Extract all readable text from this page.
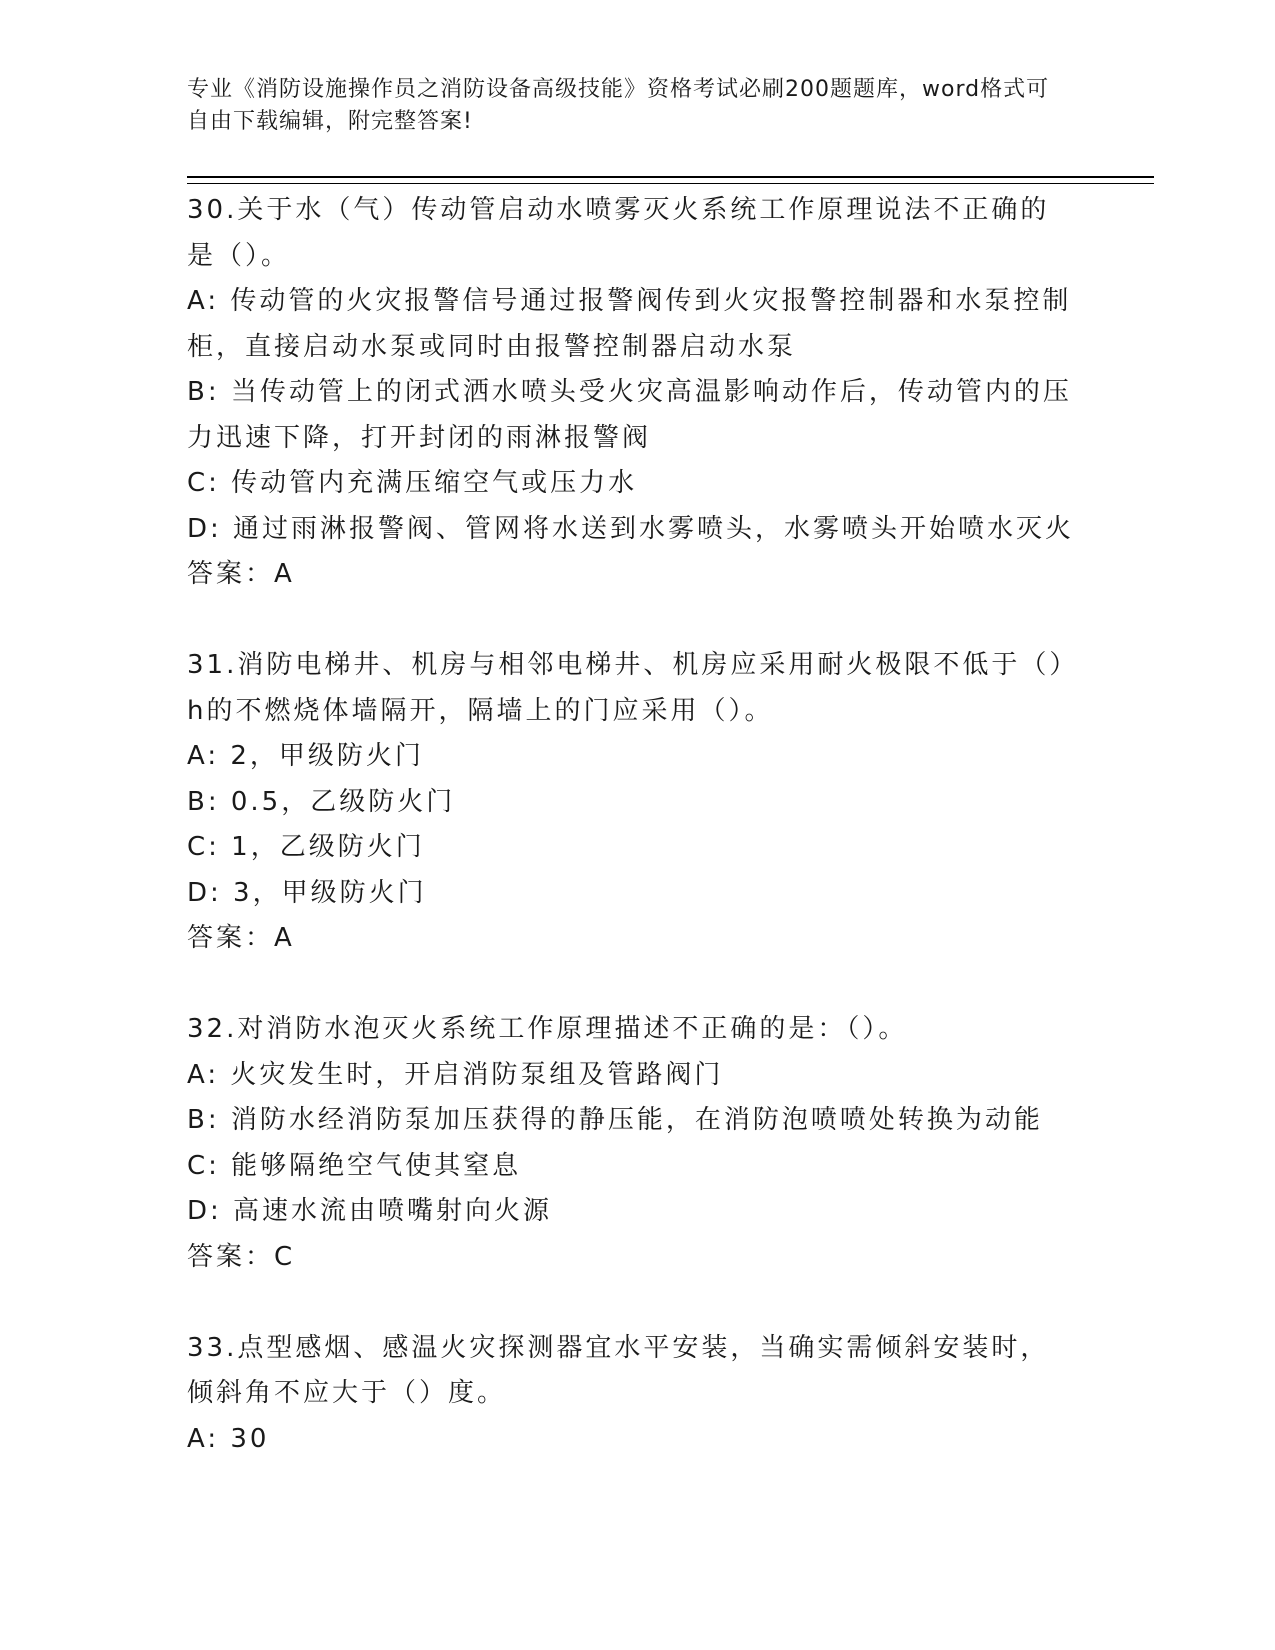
专业《消防设施操作员之消防设备高级技能》资格考试必刷200题题库，word格式可自由下载编辑，附完整答案!

30.关于水（气）传动管启动水喷雾灭火系统工作原理说法不正确的是（）。

A: 传动管的火灾报警信号通过报警阀传到火灾报警控制器和水泵控制柜，直接启动水泵或同时由报警控制器启动水泵

B: 当传动管上的闭式洒水喷头受火灾高温影响动作后，传动管内的压力迅速下降，打开封闭的雨淋报警阀

C: 传动管内充满压缩空气或压力水

D: 通过雨淋报警阀、管网将水送到水雾喷头，水雾喷头开始喷水灭火

答案：A

31.消防电梯井、机房与相邻电梯井、机房应采用耐火极限不低于（）h的不燃烧体墙隔开，隔墙上的门应采用（）。

A: 2，甲级防火门

B: 0.5，乙级防火门

C: 1，乙级防火门

D: 3，甲级防火门

答案：A

32.对消防水泡灭火系统工作原理描述不正确的是：（）。

A: 火灾发生时，开启消防泵组及管路阀门

B: 消防水经消防泵加压获得的静压能，在消防泡喷喷处转换为动能

C: 能够隔绝空气使其窒息

D: 高速水流由喷嘴射向火源

答案：C

33.点型感烟、感温火灾探测器宜水平安装，当确实需倾斜安装时，倾斜角不应大于（）度。

A: 30
